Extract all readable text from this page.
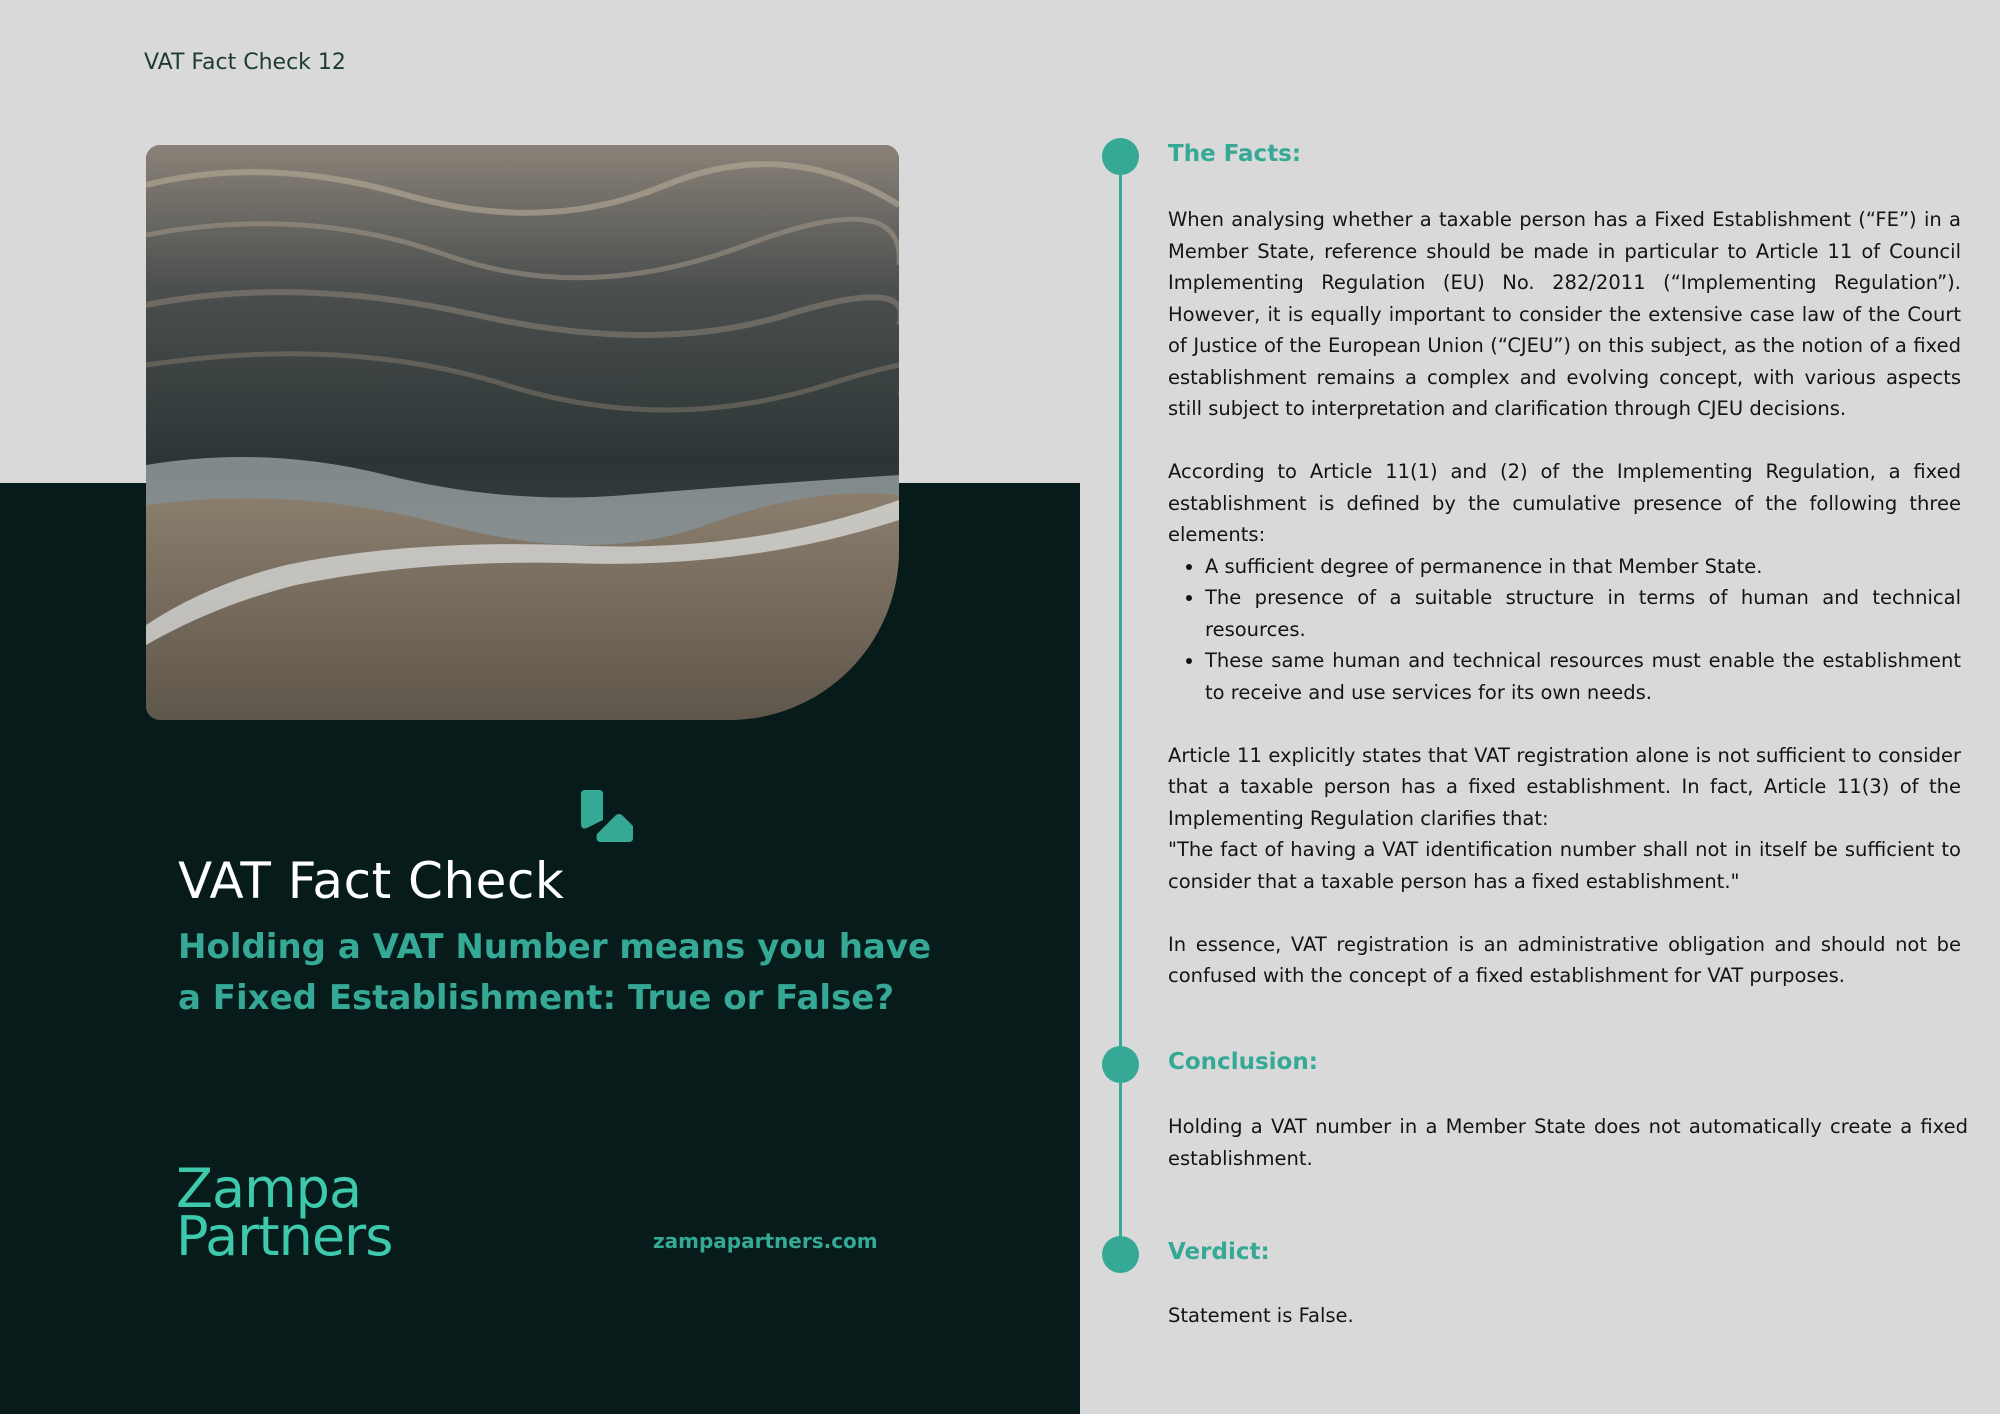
VAT Fact Check 12
VAT Fact Check
Holding a VAT Number means you have a Fixed Establishment: True or False?
Zampa
Partners	zampapartners.com
The Facts:

When analysing whether a taxable person has a Fixed Establishment (“FE”) in a Member State, reference should be made in particular to Article 11 of Council Implementing Regulation (EU) No. 282/2011 (“Implementing Regulation”). However, it is equally important to consider the extensive case law of the Court of Justice of the European Union (“CJEU”) on this subject, as the notion of a fixed establishment remains a complex and evolving concept, with various aspects still subject to interpretation and clarification through CJEU decisions.

According to Article 11(1) and (2) of the Implementing Regulation, a fixed establishment is defined by the cumulative presence of the following three elements:

• A sufficient degree of permanence in that Member State.
• The presence of a suitable structure in terms of human and technical resources.
• These same human and technical resources must enable the establishment to receive and use services for its own needs.

Article 11 explicitly states that VAT registration alone is not sufficient to consider that a taxable person has a fixed establishment. In fact, Article 11(3) of the Implementing Regulation clarifies that:

"The fact of having a VAT identification number shall not in itself be sufficient to consider that a taxable person has a fixed establishment."

In essence, VAT registration is an administrative obligation and should not be confused with the concept of a fixed establishment for VAT purposes.

Conclusion:
Holding a VAT number in a Member State does not automatically create a fixed establishment.
Verdict:
Statement is False.
